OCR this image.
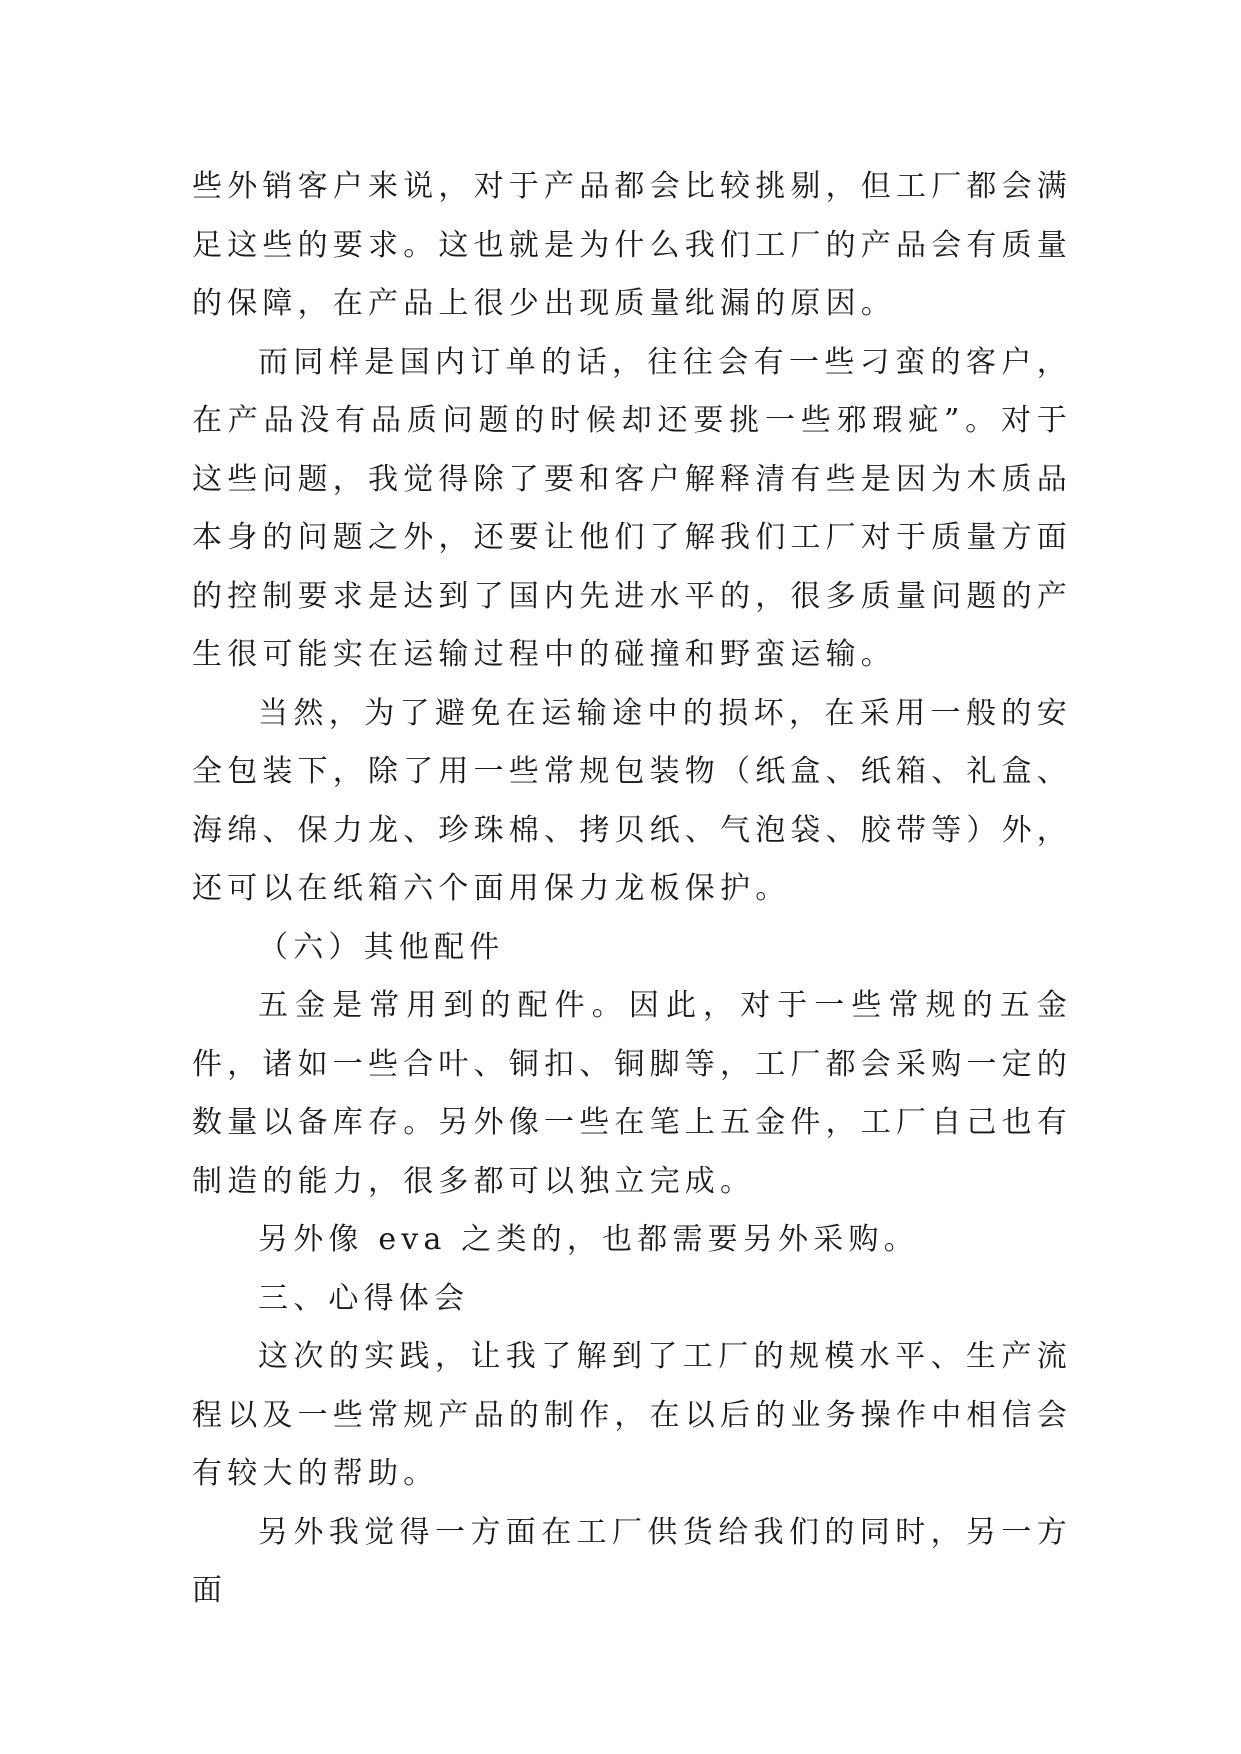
些外销客户来说，对于产品都会比较挑剔，但工厂都会满足这些的要求。这也就是为什么我们工厂的产品会有质量的保障，在产品上很少出现质量纰漏的原因。

而同样是国内订单的话，往往会有一些刁蛮的客户，在产品没有品质问题的时候却还要挑一些邪瑕疵”。对于这些问题，我觉得除了要和客户解释清有些是因为木质品本身的问题之外，还要让他们了解我们工厂对于质量方面的控制要求是达到了国内先进水平的，很多质量问题的产生很可能实在运输过程中的碰撞和野蛮运输。

当然，为了避免在运输途中的损坏，在采用一般的安全包装下，除了用一些常规包装物（纸盒、纸箱、礼盒、海绵、保力龙、珍珠棉、拷贝纸、气泡袋、胶带等）外，还可以在纸箱六个面用保力龙板保护。

（六）其他配件

五金是常用到的配件。因此，对于一些常规的五金件，诸如一些合叶、铜扣、铜脚等，工厂都会采购一定的数量以备库存。另外像一些在笔上五金件，工厂自己也有制造的能力，很多都可以独立完成。

另外像 eva 之类的，也都需要另外采购。

三、心得体会

这次的实践，让我了解到了工厂的规模水平、生产流程以及一些常规产品的制作，在以后的业务操作中相信会有较大的帮助。

另外我觉得一方面在工厂供货给我们的同时，另一方面
